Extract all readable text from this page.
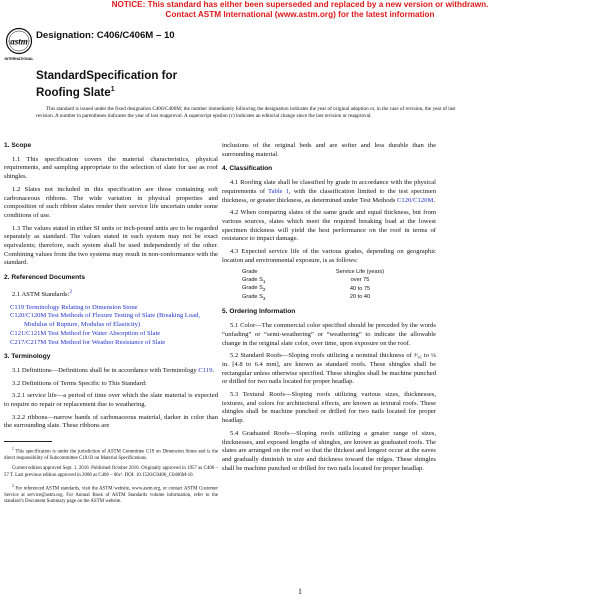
NOTICE: This standard has either been superseded and replaced by a new version or withdrawn.
Contact ASTM International (www.astm.org) for the latest information
astm
INTERNATIONAL
Designation: C406/C406M – 10
StandardSpecification for
Roofing Slate$^1$

This standard is issued under the fixed designation C406/C406M; the number immediately following the designation indicates the year of original adoption or, in the case of revision, the year of last revision. A number in parentheses indicates the year of last reapproval. A superscript epsilon (ε) indicates an editorial change since the last revision or reapproval.

1. Scope

1.1 This specification covers the material characteristics, physical requirements, and sampling appropriate to the selection of slate for use as roof shingles.

1.2 Slates not included in this specification are those containing soft carbonaceous ribbons. The wide variation in physical properties and composition of such ribbon slates render their service life uncertain under some conditions of use.

1.3 The values stated in either SI units or inch-pound units are to be regarded separately as standard. The values stated in each system may not be exact equivalents; therefore, each system shall be used independently of the other. Combining values from the two systems may result in non-conformance with the standard.

2. Referenced Documents

2.1 ASTM Standards:$^2$

C119 Terminology Relating to Dimension Stone
C120/C120M Test Methods of Flexure Testing of Slate (Breaking Load, Modulus of Rupture, Modulus of Elasticity)
C121/C121M Test Method for Water Absorption of Slate
C217/C217M Test Method for Weather Resistance of Slate
3. Terminology

3.1 Definitions—Definitions shall be in accordance with Terminology C119.

3.2 Definitions of Terms Specific to This Standard:

3.2.1 service life—a period of time over which the slate material is expected to require no repair or replacement due to weathering.

3.2.2 ribbons—narrow bands of carbonaceous material, darker in color than the surrounding slate. These ribbons are

$^1$ This specification is under the jurisdiction of ASTM Committee C18 on Dimension Stone and is the direct responsibility of Subcommittee C18.03 on Material Specifications.

Current edition approved Sept. 1, 2010. Published October 2010. Originally approved in 1957 as C406 – 57 T. Last previous edition approved in 2006 as C406 – 06ε¹. DOI: 10.1520/C0406_C0406M-10.

$^2$ For referenced ASTM standards, visit the ASTM website, www.astm.org, or contact ASTM Customer Service at service@astm.org. For Annual Book of ASTM Standards volume information, refer to the standard’s Document Summary page on the ASTM website.

inclusions of the original beds and are softer and less durable than the surrounding material.

4. Classification

4.1 Roofing slate shall be classified by grade in accordance with the physical requirements of Table 1, with the classification limited to the test specimen thickness, or greater thickness, as determined under Test Methods C120/C120M.

4.2 When comparing slates of the same grade and equal thickness, but from various sources, slates which meet the required breaking load at the lowest specimen thickness will yield the best performance on the roof in terms of resistance to impact damage.

4.3 Expected service life of the various grades, depending on geographic location and environmental exposure, is as follows:

Grade	Service Life (years)
Grade $S_1$	over 75
Grade $S_2$	40 to 75
Grade $S_3$	20 to 40
5. Ordering Information

5.1 Color—The commercial color specified should be preceded by the words “unfading” or “semi-weathering” or “weathering” to indicate the allowable change in the original slate color, over time, upon exposure on the roof.

5.2 Standard Roofs—Sloping roofs utilizing a nominal thickness of ³⁄₁₆ to ¼ in. [4.8 to 6.4 mm], are known as standard roofs. These shingles shall be rectangular unless otherwise specified. These shingles shall be machine punched or drilled for two nails located for proper headlap.

5.3 Textural Roofs—Sloping roofs utilizing various sizes, thicknesses, textures, and colors for architectural effects, are known as textural roofs. These shingles shall be machine punched or drilled for two nails located for proper headlap.

5.4 Graduated Roofs—Sloping roofs utilizing a greater range of sizes, thicknesses, and exposed lengths of shingles, are known as graduated roofs. The slates are arranged on the roof so that the thickest and longest occur at the eaves and gradually diminish in size and thickness toward the ridges. These shingles shall be machine punched or drilled for two nails located for proper headlap.

1
